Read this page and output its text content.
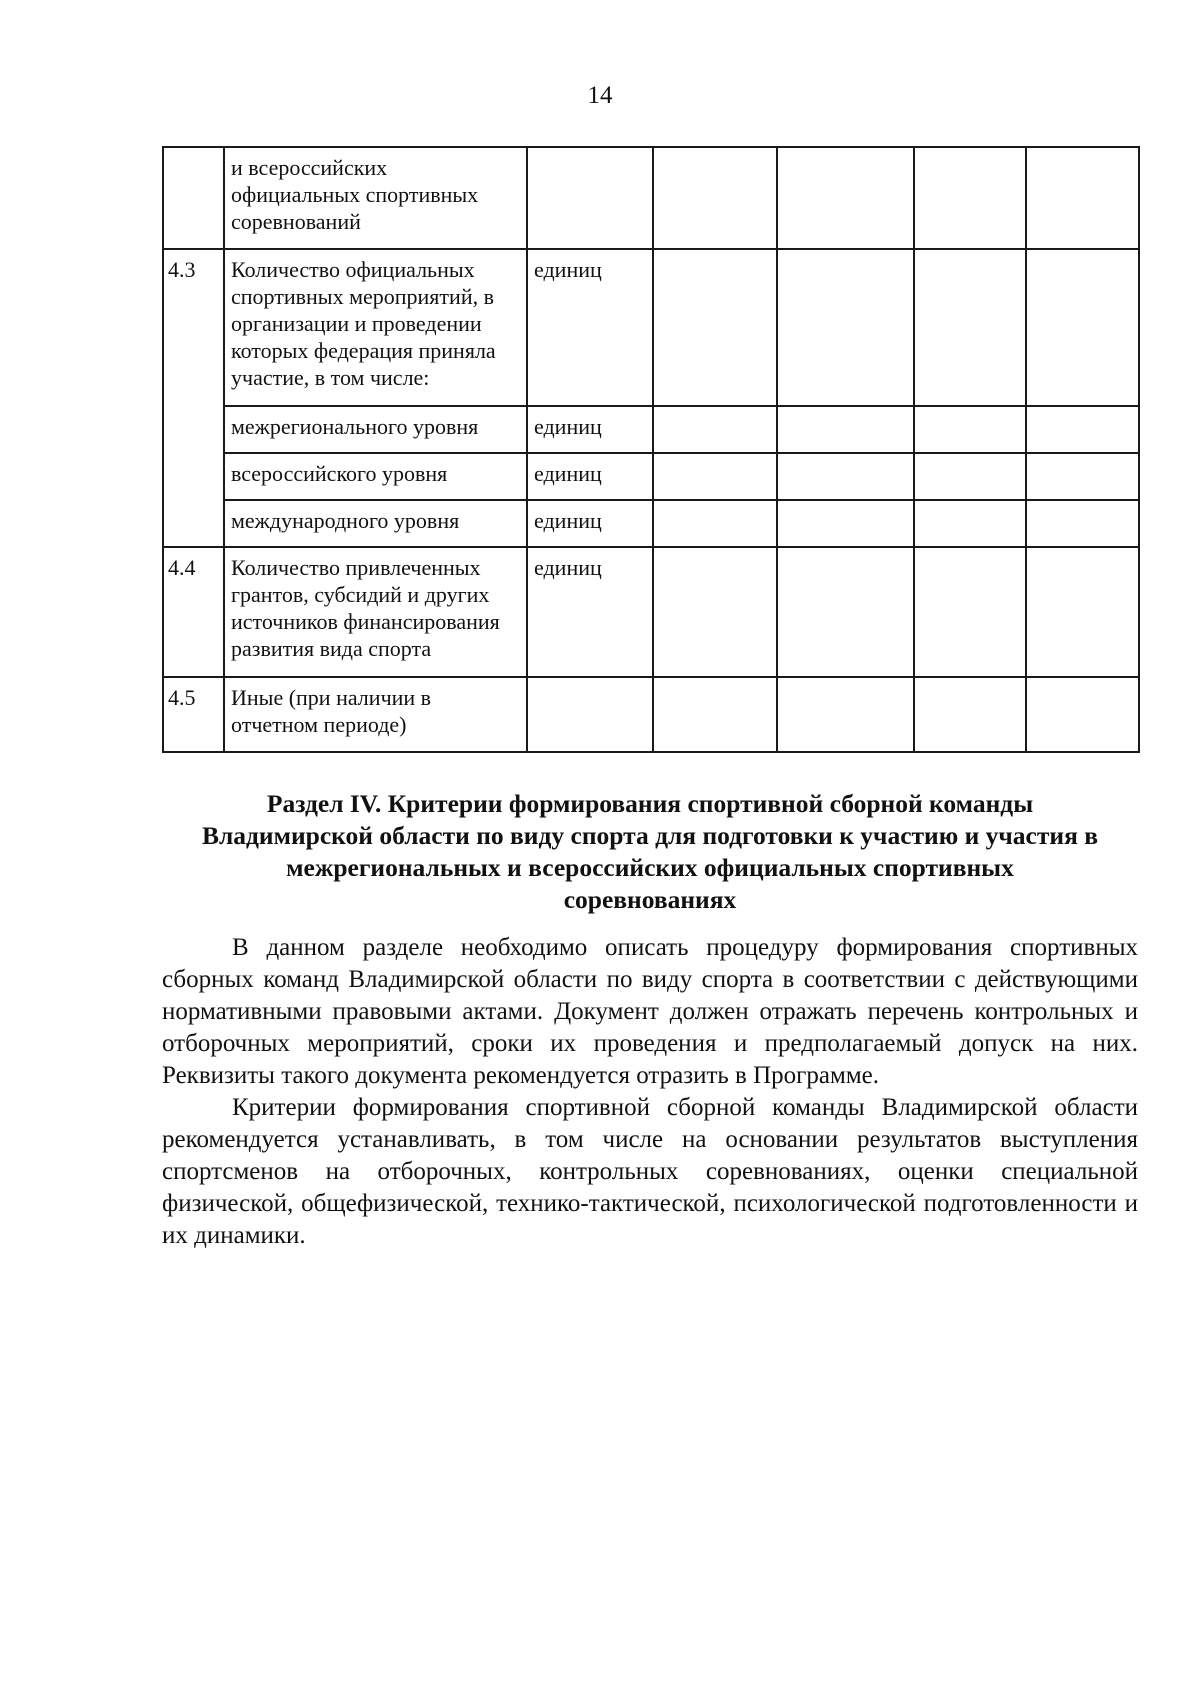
14
	и всероссийских официальных спортивных соревнований					
4.3	Количество официальных спортивных мероприятий, в организации и проведении которых федерация приняла участие, в том числе:	единиц				
	межрегионального уровня	единиц				
	всероссийского уровня	единиц				
	международного уровня	единиц				
4.4	Количество привлеченных грантов, субсидий и других источников финансирования развития вида спорта	единиц				
4.5	Иные (при наличии в отчетном периоде)					
Раздел IV. Критерии формирования спортивной сборной команды Владимирской области по виду спорта для подготовки к участию и участия в межрегиональных и всероссийских официальных спортивных соревнованиях

В данном разделе необходимо описать процедуру формирования спортивных сборных команд Владимирской области по виду спорта в соответствии с действующими нормативными правовыми актами. Документ должен отражать перечень контрольных и отборочных мероприятий, сроки их проведения и предполагаемый допуск на них. Реквизиты такого документа рекомендуется отразить в Программе.

Критерии формирования спортивной сборной команды Владимирской области рекомендуется устанавливать, в том числе на основании результатов выступления спортсменов на отборочных, контрольных соревнованиях, оценки специальной физической, общефизической, технико-тактической, психологической подготовленности и их динамики.
